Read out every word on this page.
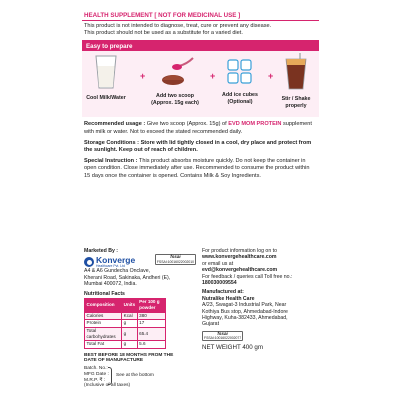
HEALTH SUPPLEMENT [ NOT FOR MEDICINAL USE ]
This product is not intended to diagnose, treat, cure or prevent any disease.
This product should not be used as a substitute for a varied diet.
Easy to prepare
Cool Milk/Water
+
Add two scoop
(Approx. 15g each)
+
Add ice cubes
(Optional)
+
Stir / Shake
properly
Recommended usage : Give two scoop (Approx. 15g) of EVD MOM PROTEIN supplement with milk or water. Not to exceed the stated recommended daily.
Storage Conditions : Store with lid tightly closed in a cool, dry place and protect from the sunlight. Keep out of reach of children.
Special Instruction : This product absorbs moisture quickly. Do not keep the container in open condition. Close immediately after use. Recommended to consume the product within 15 days once the container is opened. Contains Milk & Soy Ingredients.
Marketed By :
Konverge
Healthcare Pvt. Ltd
fssai
FSSAI:10016022002010
A4 & A6 Gundecha Onclave,
Kherani Road, Sakinaka, Andheri (E),
Mumbai 400072, India.
Nutritional Facts
Composition	Units	Per 100 g powder
Calories	Kcal	380
Protein	g	17
Total carbohydrates	g	65.4
Total Fat	g	5.6
BEST BEFORE 18 MONTHS FROM THE
DATE OF MANUFACTURE
Batch. No.:
MFG Date :
M.R.P. ₹ :
(Inclusive of all taxes)
See at the bottom
For product information log on to
www.konvergehealthcare.com
or email us at
evd@konvergehealthcare.com
For feedback / queries call Toll free no.:
180030009554
Manufactured at:
Nutralike Health Care
A/23, Swagat-3 Industrial Park, Near
Kothiya Bus stop, Ahmedabad-Indore
Highway, Kuha-382433, Ahmedabad,
Gujarat
fssai
FSSAI:10016022002077
NET WEIGHT 400 gm
